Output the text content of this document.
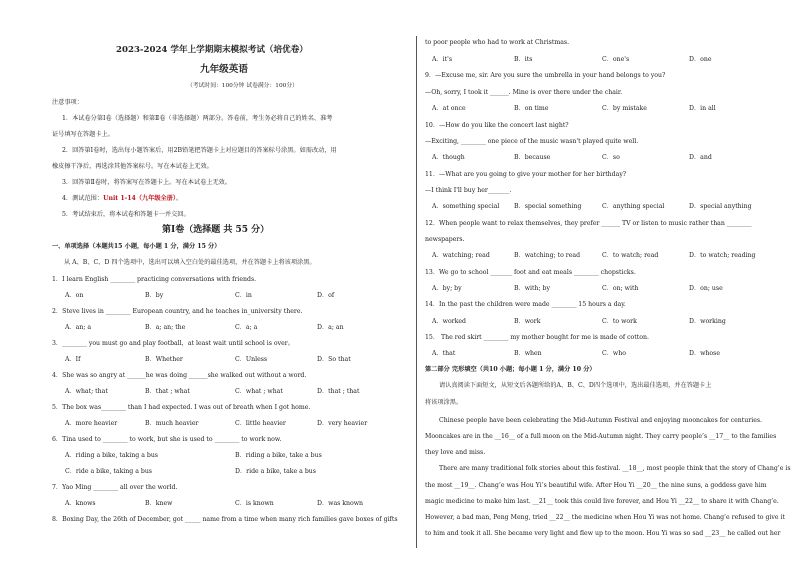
2023-2024 学年上学期期末模拟考试（培优卷）
九年级英语
（考试时间：100分钟 试卷满分：100分）
注意事项：
1．本试卷分第Ⅰ卷（选择题）和第Ⅱ卷（非选择题）两部分。答卷前，考生务必将自己的姓名、准考
证号填写在答题卡上。
2．回答第Ⅰ卷时，选出每小题答案后，用2B铅笔把答题卡上对应题目的答案标号涂黑。如需改动，用
橡皮擦干净后，再选涂其他答案标号。写在本试卷上无效。
3．回答第Ⅱ卷时，将答案写在答题卡上。写在本试卷上无效。
4．测试范围：Unit 1-14（九年级全册）。
5．考试结束后，将本试卷和答题卡一并交回。
第Ⅰ卷（选择题 共 55 分）
一、单项选择（本题共15 小题，每小题 1 分，满分 15 分）
从 A、B、C、D 四个选项中，选出可以填入空白处的最佳选项，并在答题卡上将该项涂黑。
1．I learn English ________ practicing conversations with friends.
A．on	B．by	C．in	D．of
2．Steve lives in ________ European country, and he teaches in_university there.
A．an; a	B．a; an; the	C．a; a	D．a; an
3．________ you must go and play football，at least wait until school is over。
A．If	B．Whether	C．Unless	D．So that
4．She was so angry at ______he was doing ______she walked out without a word.
A．what; that	B．that ; what	C．what ; what	D．that ; that
5．The box was________ than I had expected. I was out of breath when I got home.
A．more heavier	B．much heavier	C．little heavier	D．very heavier
6．Tina used to ________ to work, but she is used to ________ to work now.
A．riding a bike, taking a bus	B．riding a bike, take a bus
C．ride a bike, taking a bus	D．ride a bike, take a bus
7．Yao Ming ________ all over the world.
A．knows	B．knew	C．is known	D．was known
8．Boxing Day, the 26th of December, got _____ name from a time when many rich families gave boxes of gifts
to poor people who had to work at Christmas.
A．it's	B．its	C．one's	D．one
9．—Excuse me, sir. Are you sure the umbrella in your hand belongs to you?
—Oh, sorry, I took it ______. Mine is over there under the chair.
A．at once	B．on time	C．by mistake	D．in all
10．—How do you like the concert last night?
—Exciting, ________ one piece of the music wasn't played quite well.
A．though	B．because	C．so	D．and
11．—What are you going to give your mother for her birthday?
—I think I'll buy her_______.
A．something special B．special something	C．anything special	D．special anything
12．When people want to relax themselves, they prefer ______ TV or listen to music rather than ________
newspapers.
A．watching; read	B．watching; to read	C．to watch; read	D．to watch; reading
13．We go to school _______ foot and eat meals ________ chopsticks.
A．by; by	B．with; by	C．on; with	D．on; use
14．In the past the children were made ________ 15 hours a day.
A．worked	B．work	C．to work	D．working
15． The red skirt ________ my mother bought for me is made of cotton.
A．that	B．when	C．who	D．whose
第二部分 完形填空（共10 小题；每小题 1 分，满分 10 分）
请认真阅读下面短文，从短文后各题所给的A、B、C、D四个选项中，选出最佳选项，并在答题卡上
将该项涂黑。
Chinese people have been celebrating the Mid-Autumn Festival and enjoying mooncakes for centuries.
Mooncakes are in the __16__ of a full moon on the Mid-Autumn night. They carry people’s __17__ to the families
they love and miss.
There are many traditional folk stories about this festival. __18__, most people think that the story of Chang’e is
the most __19__. Chang’e was Hou Yi’s beautiful wife. After Hou Yi __20__ the nine suns, a goddess gave him
magic medicine to make him last. __21__ took this could live forever, and Hou Yi __22__ to share it with Chang’e.
However, a bad man, Peng Meng, tried __22__ the medicine when Hou Yi was not home. Chang’e refused to give it
to him and took it all. She became very light and flew up to the moon. Hou Yi was so sad __23__ he called out her
